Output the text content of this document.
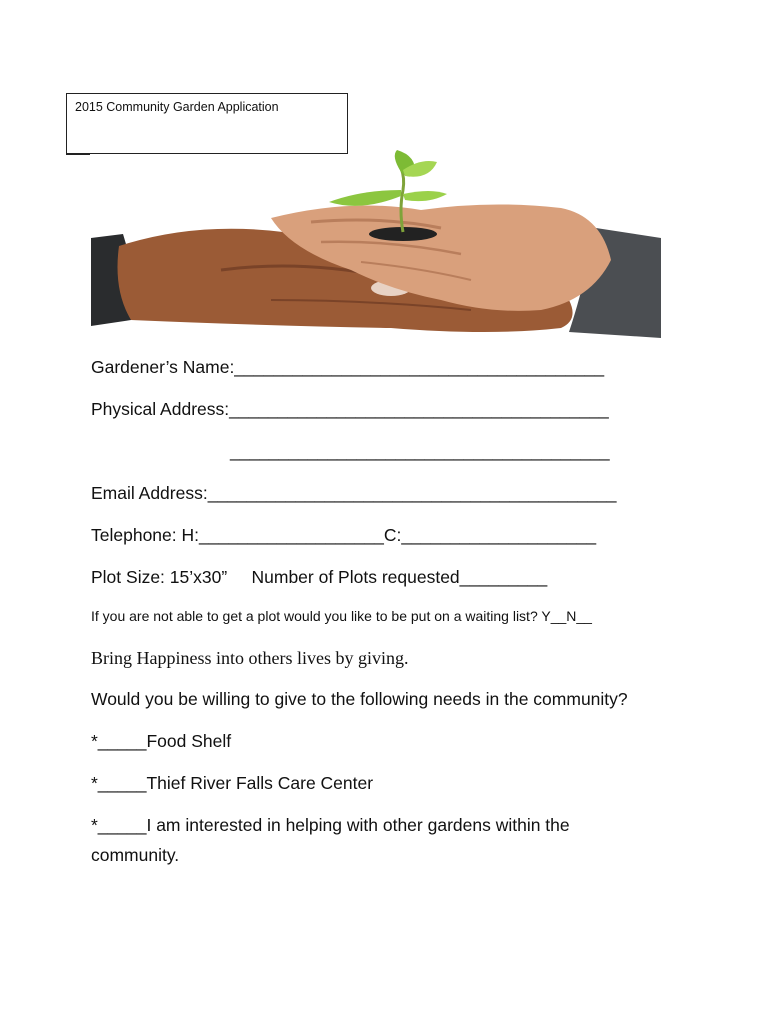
2015 Community Garden Application
Gardener’s Name:______________________________________
Physical Address:_______________________________________
_______________________________________
Email Address:__________________________________________
Telephone: H:___________________C:____________________
Plot Size: 15’x30”     Number of Plots requested_________
If you are not able to get a plot would you like to be put on a waiting list? Y__N__
Bring Happiness into others lives by giving.
Would you be willing to give to the following needs in the community?
*_____Food Shelf
*_____Thief River Falls Care Center
*_____I am interested in helping with other gardens within the
community.
